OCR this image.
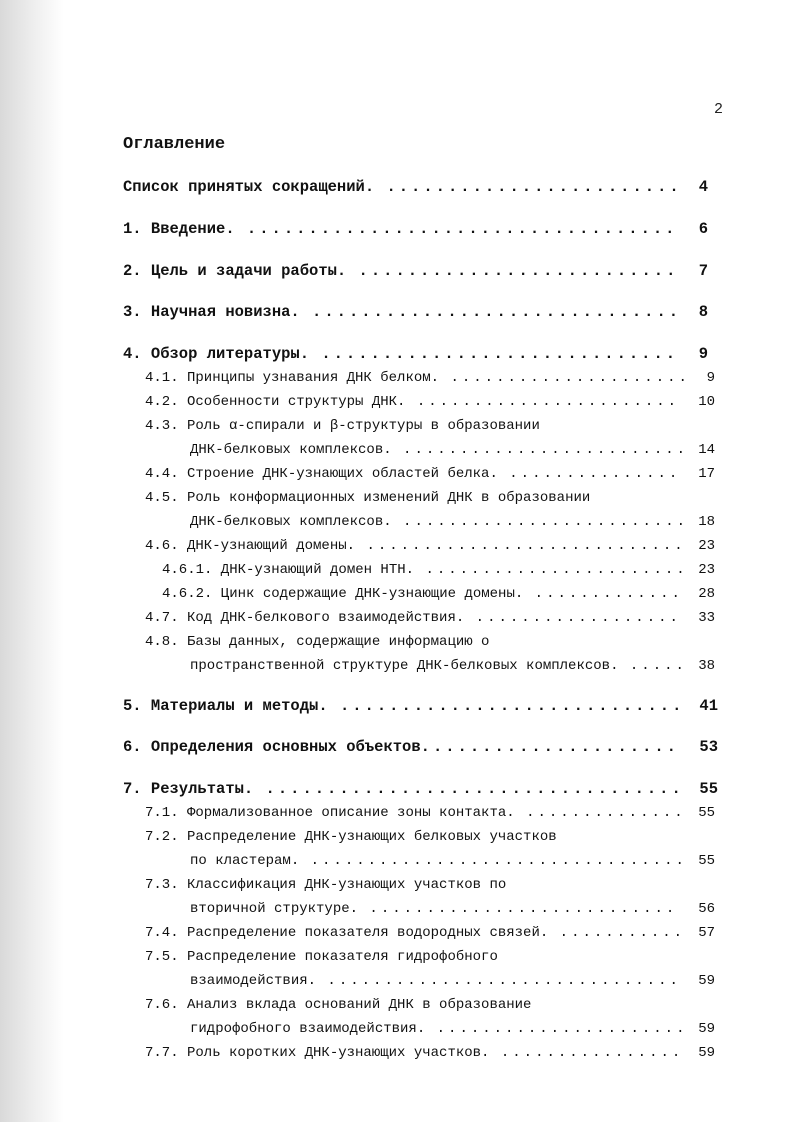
2
Оглавление
Список принятых сокращений. ........................ 4
1. Введение. ................................... 6
2. Цель и задачи работы. .......................... 7
3. Научная новизна. .............................. 8
4. Обзор литературы. ............................. 9
4.1. Принципы узнавания ДНК белком. ..................... 9
4.2. Особенности структуры ДНК. ....................... 10
4.3. Роль α-спирали и β-структуры в образовании
ДНК-белковых комплексов. ......................... 14
4.4. Строение ДНК-узнающих областей белка. ............... 17
4.5. Роль конформационных изменений ДНК в образовании
ДНК-белковых комплексов. ......................... 18
4.6. ДНК-узнающий домены. ............................ 23
4.6.1. ДНК-узнающий домен НТН. ....................... 23
4.6.2. Цинк содержащие ДНК-узнающие домены. ............. 28
4.7. Код ДНК-белкового взаимодействия. .................. 33
4.8. Базы данных, содержащие информацию о
пространственной структуре ДНК-белковых комплексов. ..... 38
5. Материалы и методы. ............................ 41
6. Определения основных объектов..................... 53
7. Результаты. .................................. 55
7.1. Формализованное описание зоны контакта. .............. 55
7.2. Распределение ДНК-узнающих белковых участков
по кластерам. ................................. 55
7.3. Классификация ДНК-узнающих участков по
вторичной структуре. ........................... 56
7.4. Распределение показателя водородных связей. ........... 57
7.5. Распределение показателя гидрофобного
взаимодействия. ............................... 59
7.6. Анализ вклада оснований ДНК в образование
гидрофобного взаимодействия. ...................... 59
7.7. Роль коротких ДНК-узнающих участков. ................ 59
